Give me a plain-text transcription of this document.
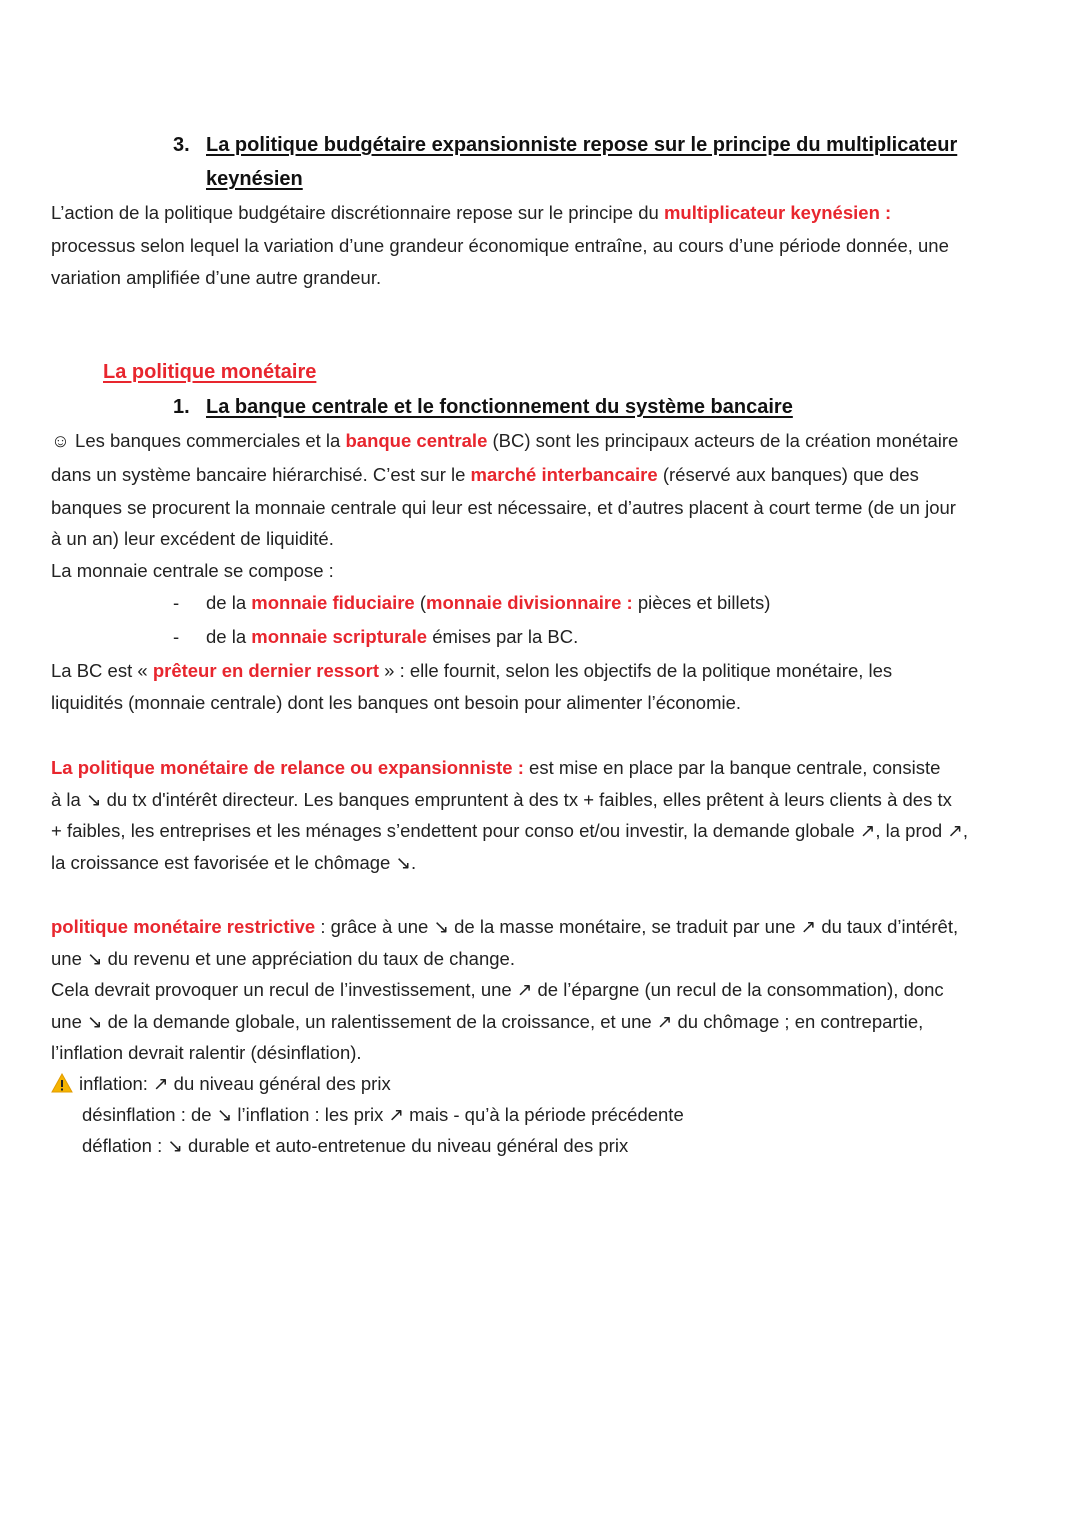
3. La politique budgétaire expansionniste repose sur le principe du multiplicateur
keynésien
L’action de la politique budgétaire discrétionnaire repose sur le principe du multiplicateur keynésien :
processus selon lequel la variation d’une grandeur économique entraîne, au cours d’une période donnée, une
variation amplifiée d’une autre grandeur.
La politique monétaire
1. La banque centrale et le fonctionnement du système bancaire
☺ Les banques commerciales et la banque centrale (BC) sont les principaux acteurs de la création monétaire
dans un système bancaire hiérarchisé. C’est sur le marché interbancaire (réservé aux banques) que des
banques se procurent la monnaie centrale qui leur est nécessaire, et d’autres placent à court terme (de un jour
à un an) leur excédent de liquidité.
La monnaie centrale se compose :
- de la monnaie fiduciaire (monnaie divisionnaire : pièces et billets)
- de la monnaie scripturale émises par la BC.
La BC est « prêteur en dernier ressort » : elle fournit, selon les objectifs de la politique monétaire, les
liquidités (monnaie centrale) dont les banques ont besoin pour alimenter l’économie.
La politique monétaire de relance ou expansionniste : est mise en place par la banque centrale, consiste
à la ↘ du tx d'intérêt directeur. Les banques empruntent à des tx + faibles, elles prêtent à leurs clients à des tx
+ faibles, les entreprises et les ménages s’endettent pour conso et/ou investir, la demande globale ↗, la prod ↗,
la croissance est favorisée et le chômage ↘.
politique monétaire restrictive : grâce à une ↘ de la masse monétaire, se traduit par une ↗ du taux d’intérêt,
une ↘ du revenu et une appréciation du taux de change.
Cela devrait provoquer un recul de l’investissement, une ↗ de l’épargne (un recul de la consommation), donc
une ↘ de la demande globale, un ralentissement de la croissance, et une ↗ du chômage ; en contrepartie,
l’inflation devrait ralentir (désinflation).
inflation: ↗ du niveau général des prix
désinflation : de ↘ l’inflation : les prix ↗ mais - qu’à la période précédente
déflation : ↘ durable et auto-entretenue du niveau général des prix
